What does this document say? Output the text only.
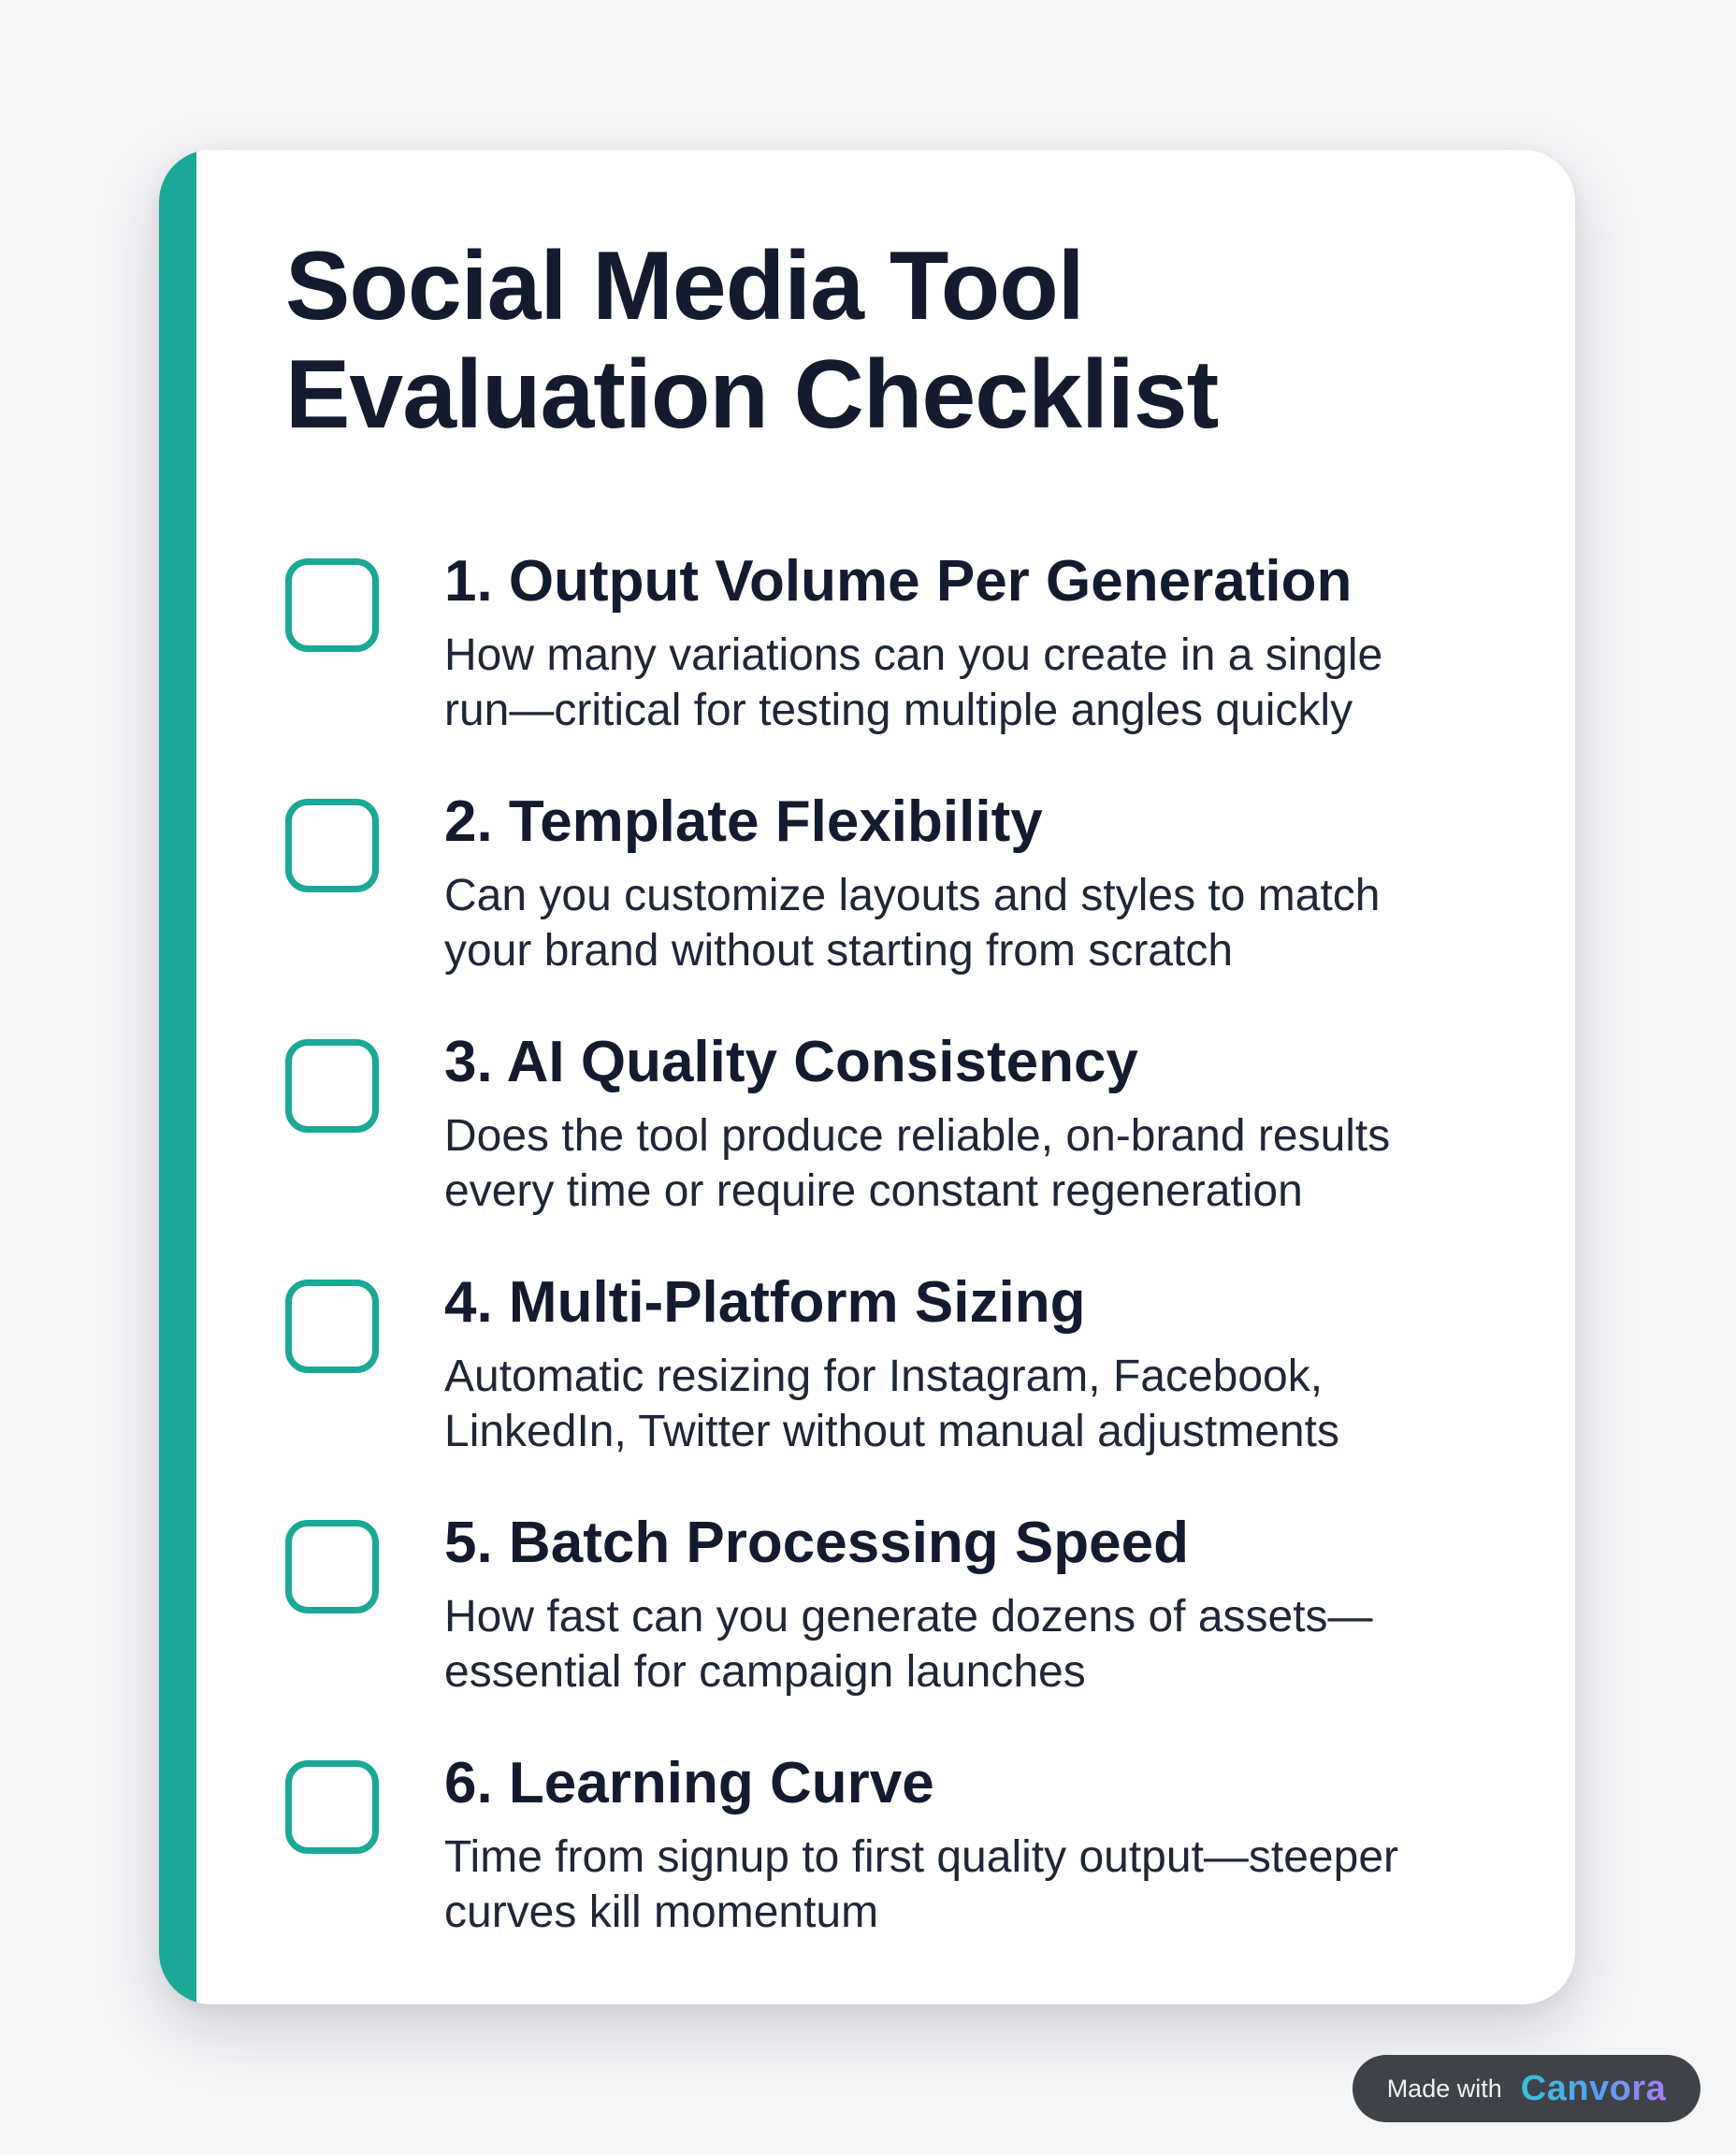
Social Media Tool
Evaluation Checklist
1. Output Volume Per Generation

How many variations can you create in a single
run—critical for testing multiple angles quickly

2. Template Flexibility

Can you customize layouts and styles to match
your brand without starting from scratch

3. AI Quality Consistency

Does the tool produce reliable, on-brand results
every time or require constant regeneration

4. Multi-Platform Sizing

Automatic resizing for Instagram, Facebook,
LinkedIn, Twitter without manual adjustments

5. Batch Processing Speed

How fast can you generate dozens of assets—
essential for campaign launches

6. Learning Curve

Time from signup to first quality output—steeper
curves kill momentum

Made with Canvora
